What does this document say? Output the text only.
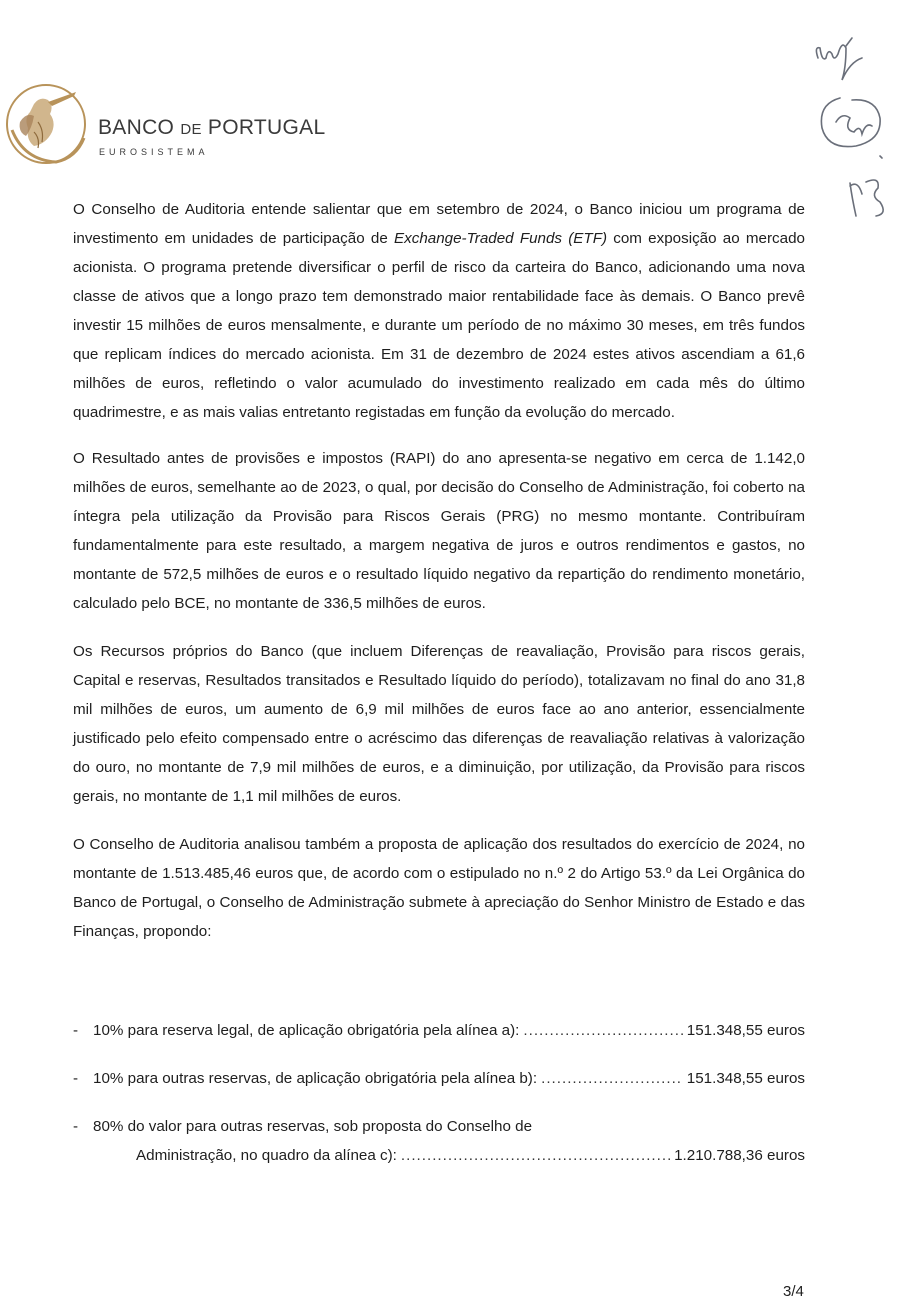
BANCO DE PORTUGAL
EUROSISTEMA

O Conselho de Auditoria entende salientar que em setembro de 2024, o Banco iniciou um programa de investimento em unidades de participação de Exchange-Traded Funds (ETF) com exposição ao mercado acionista. O programa pretende diversificar o perfil de risco da carteira do Banco, adicionando uma nova classe de ativos que a longo prazo tem demonstrado maior rentabilidade face às demais. O Banco prevê investir 15 milhões de euros mensalmente, e durante um período de no máximo 30 meses, em três fundos que replicam índices do mercado acionista. Em 31 de dezembro de 2024 estes ativos ascendiam a 61,6 milhões de euros, refletindo o valor acumulado do investimento realizado em cada mês do último quadrimestre, e as mais valias entretanto registadas em função da evolução do mercado.

O Resultado antes de provisões e impostos (RAPI) do ano apresenta-se negativo em cerca de 1.142,0 milhões de euros, semelhante ao de 2023, o qual, por decisão do Conselho de Administração, foi coberto na íntegra pela utilização da Provisão para Riscos Gerais (PRG) no mesmo montante. Contribuíram fundamentalmente para este resultado, a margem negativa de juros e outros rendimentos e gastos, no montante de 572,5 milhões de euros e o resultado líquido negativo da repartição do rendimento monetário, calculado pelo BCE, no montante de 336,5 milhões de euros.

Os Recursos próprios do Banco (que incluem Diferenças de reavaliação, Provisão para riscos gerais, Capital e reservas, Resultados transitados e Resultado líquido do período), totalizavam no final do ano 31,8 mil milhões de euros, um aumento de 6,9 mil milhões de euros face ao ano anterior, essencialmente justificado pelo efeito compensado entre o acréscimo das diferenças de reavaliação relativas à valorização do ouro, no montante de 7,9 mil milhões de euros, e a diminuição, por utilização, da Provisão para riscos gerais, no montante de 1,1 mil milhões de euros.

O Conselho de Auditoria analisou também a proposta de aplicação dos resultados do exercício de 2024, no montante de 1.513.485,46 euros que, de acordo com o estipulado no n.º 2 do Artigo 53.º da Lei Orgânica do Banco de Portugal, o Conselho de Administração submete à apreciação do Senhor Ministro de Estado e das Finanças, propondo:

- 10% para reserva legal, de aplicação obrigatória pela alínea a): .....	151.348,55 euros
- 10% para outras reservas, de aplicação obrigatória pela alínea b): .....	151.348,55 euros
- 80% do valor para outras reservas, sob proposta do Conselho de
Administração, no quadro da alínea c): .....	1.210.788,36 euros
3/4
